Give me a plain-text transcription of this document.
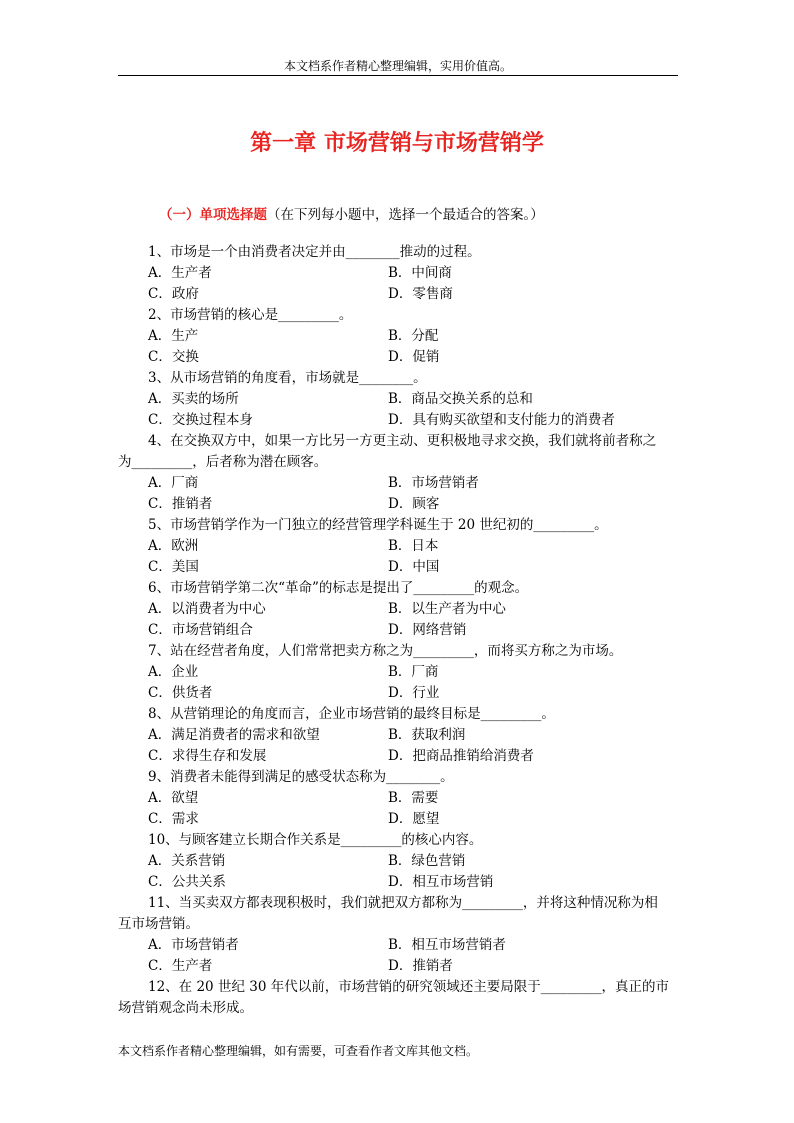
本文档系作者精心整理编辑，实用价值高。
第一章 市场营销与市场营销学
（一）单项选择题（在下列每小题中，选择一个最适合的答案。）
1、市场是一个由消费者决定并由________推动的过程。
A．生产者	B．中间商
C．政府	D．零售商
2、市场营销的核心是_________。
A．生产	B．分配
C．交换	D．促销
3、从市场营销的角度看，市场就是________。
A．买卖的场所	B．商品交换关系的总和
C．交换过程本身	D．具有购买欲望和支付能力的消费者
4、在交换双方中，如果一方比另一方更主动、更积极地寻求交换，我们就将前者称之
为_________，后者称为潜在顾客。
A．厂商	B．市场营销者
C．推销者	D．顾客
5、市场营销学作为一门独立的经营管理学科诞生于 20 世纪初的_________。
A．欧洲	B．日本
C．美国	D．中国
6、市场营销学第二次“革命”的标志是提出了_________的观念。
A．以消费者为中心	B．以生产者为中心
C．市场营销组合	D．网络营销
7、站在经营者角度，人们常常把卖方称之为_________，而将买方称之为市场。
A．企业	B．厂商
C．供货者	D．行业
8、从营销理论的角度而言，企业市场营销的最终目标是_________。
A．满足消费者的需求和欲望	B．获取利润
C．求得生存和发展	D．把商品推销给消费者
9、消费者未能得到满足的感受状态称为________。
A．欲望	B．需要
C．需求	D．愿望
10、与顾客建立长期合作关系是_________的核心内容。
A．关系营销	B．绿色营销
C．公共关系	D．相互市场营销
11、当买卖双方都表现积极时，我们就把双方都称为_________，并将这种情况称为相
互市场营销。
A．市场营销者	B．相互市场营销者
C．生产者	D．推销者
12、在 20 世纪 30 年代以前，市场营销的研究领域还主要局限于_________，真正的市
场营销观念尚未形成。
本文档系作者精心整理编辑，如有需要，可查看作者文库其他文档。
